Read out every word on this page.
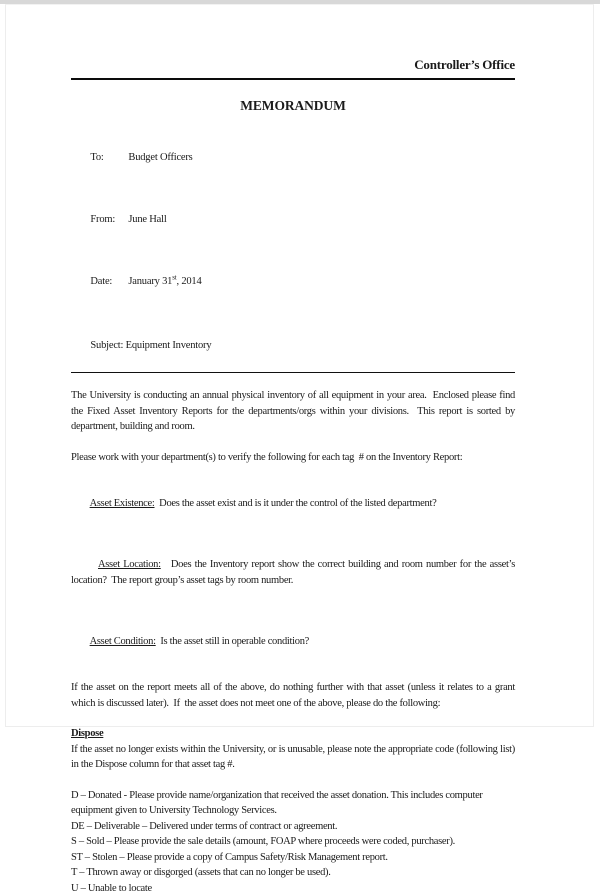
Controller’s Office
MEMORANDUM

To: Budget Officers

From: June Hall

Date: January 31st, 2014

Subject: Equipment Inventory

The University is conducting an annual physical inventory of all equipment in your area.  Enclosed please find the Fixed Asset Inventory Reports for the departments/orgs within your divisions.  This report is sorted by department, building and room.
Please work with your department(s) to verify the following for each tag  # on the Inventory Report:

Asset Existence:  Does the asset exist and is it under the control of the listed department?

Asset Location:   Does the Inventory report show the correct building and room number for the asset’s location?  The report group’s asset tags by room number.

Asset Condition:  Is the asset still in operable condition?

If the asset on the report meets all of the above, do nothing further with that asset (unless it relates to a grant which is discussed later).  If  the asset does not meet one of the above, please do the following:
Dispose
If the asset no longer exists within the University, or is unusable, please note the appropriate code (following list) in the Dispose column for that asset tag #.
D – Donated - Please provide name/organization that received the asset donation. This includes computer equipment given to University Technology Services.
DE – Deliverable – Delivered under terms of contract or agreement.
S – Sold – Please provide the sale details (amount, FOAP where proceeds were coded, purchaser).
ST – Stolen – Please provide a copy of Campus Safety/Risk Management report.
T – Thrown away or disgorged (assets that can no longer be used).
U – Unable to locate
